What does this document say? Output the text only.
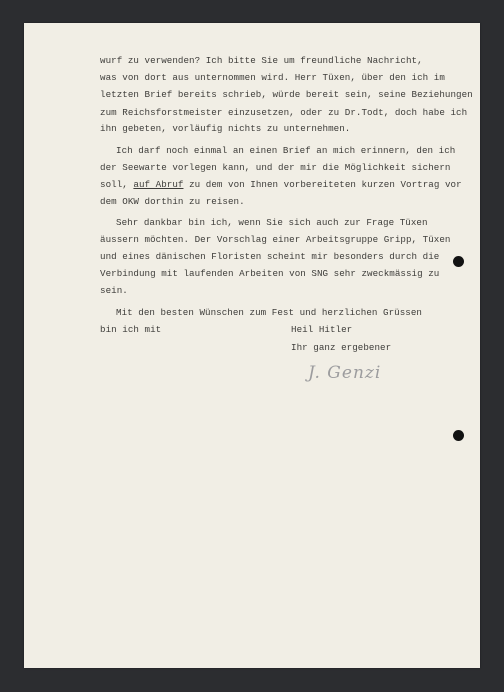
wurf zu verwenden? Ich bitte Sie um freundliche Nachricht,

was von dort aus unternommen wird. Herr Tüxen, über den ich im

letzten Brief bereits schrieb, würde bereit sein, seine Beziehungen

zum Reichsforstmeister einzusetzen, oder zu Dr.Todt, doch habe ich

ihn gebeten, vorläufig nichts zu unternehmen.

Ich darf noch einmal an einen Brief an mich erinnern, den ich

der Seewarte vorlegen kann, und der mir die Möglichkeit sichern

soll, auf Abruf zu dem von Ihnen vorbereiteten kurzen Vortrag vor

dem OKW dorthin zu reisen.

Sehr dankbar bin ich, wenn Sie sich auch zur Frage Tüxen

äussern möchten. Der Vorschlag einer Arbeitsgruppe Gripp, Tüxen

und eines dänischen Floristen scheint mir besonders durch die

Verbindung mit laufenden Arbeiten von SNG sehr zweckmässig zu

sein.

Mit den besten Wünschen zum Fest und herzlichen Grüssen

bin ich mit	Heil Hitler

Ihr ganz ergebener

J. Genzi
